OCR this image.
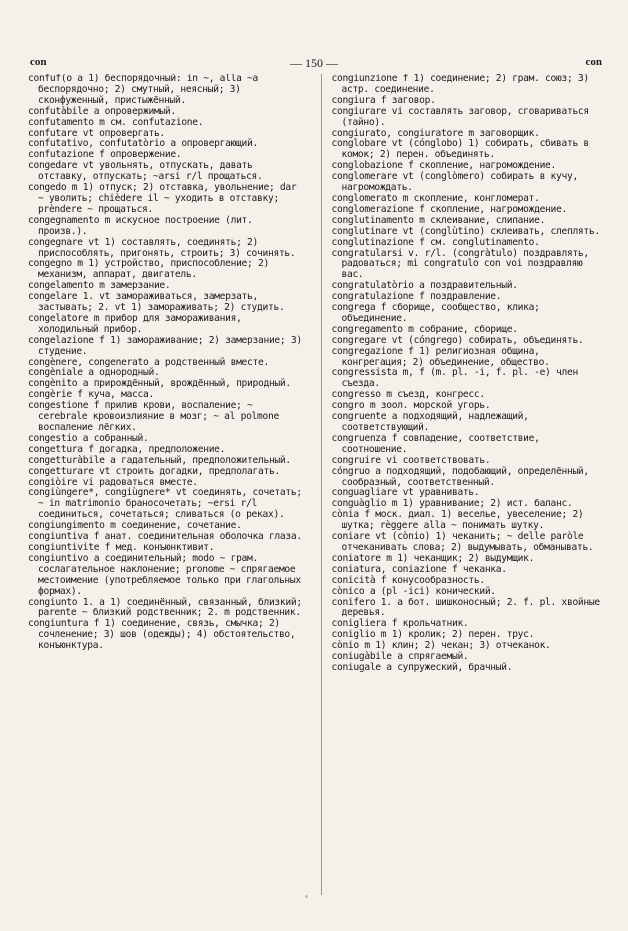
con	— 150 —	con
confuf(o a 1) беспорядочный: in ~, alla ~a беспорядочно; 2) смутный, неясный; 3) сконфуженный, пристыжённый.
confutàbile a опровержимый.
confutamento m см. confutazione.
confutare vt опровергать.
confutativo, confutatòrio a опровергающий.
confutazione f опровержение.
congedare vt увольнять, отпускать, давать отставку, отпускать; ~arsi r/l прощаться.
congedo m 1) отпуск; 2) отставка, увольнение; dar ~ уволить; chièdere il ~ уходить в отставку; prèndere ~ прощаться.
congegnamento m искусное построение (лит. произв.).
congegnare vt 1) составлять, соединять; 2) приспособлять, пригонять, строить; 3) сочинять.
congegno m 1) устройство, приспособление; 2) механизм, аппарат, двигатель.
congelamento m замерзание.
congelare 1. vt замораживаться, замерзать, застывать; 2. vt 1) замораживать; 2) студить.
congelatore m прибор для замораживания, холодильный прибор.
congelazione f 1) замораживание; 2) замерзание; 3) студение.
congènere, congenerato a родственный вместе.
congèniale a однородный.
congènito a прирождённый, врождённый, природный.
congèrie f куча, масса.
congestione f прилив крови, воспаление; ~ cerebrale кровоизлияние в мозг; ~ al polmone воспаление лёгких.
congestio a собранный.
congettura f догадка, предположение.
congetturàbile a гадательный, предположительный.
congetturare vt строить догадки, предполагать.
congiòire vi радоваться вместе.
congiùngere*, congiùgnere* vt соединять, сочетать; ~ in matrimonio браносочетать; ~ersi r/l соединиться, сочетаться; сливаться (о реках).
congiungimento m соединение, сочетание.
congiuntiva f анат. соединительная оболочка глаза.
congiuntivite f мед. конъюнктивит.
congiuntivo a соединительный; modo ~ грам. сослагательное наклонение; pronome ~ спрягаемое местоимение (употребляемое только при глагольных формах).
congiunto 1. a 1) соединённый, связанный, близкий; parente ~ близкий родственник; 2. m родственник.
congiuntura f 1) соединение, связь, смычка; 2) сочленение; 3) шов (одежды); 4) обстоятельство, конъюнктура.
congiunzione f 1) соединение; 2) грам. союз; 3) астр. соединение.
congiura f заговор.
congiurare vi составлять заговор, сговариваться (тайно).
congiurato, congiuratore m заговорщик.
conglobare vt (cónglobo) 1) собирать, сбивать в комок; 2) перен. объединять.
conglobazione f скопление, нагромождение.
conglomerare vt (conglòmero) собирать в кучу, нагромождать.
conglomerato m скопление, конгломерат.
conglomerazione f скопление, нагромождение.
conglutinamento m склеивание, слипание.
conglutinare vt (conglùtino) склеивать, слеплять.
conglutinazione f см. conglutinamento.
congratularsi v. r/l. (congràtulo) поздравлять, радоваться; mi congratulo con voi поздравляю вас.
congratulatòrio a поздравительный.
congratulazione f поздравление.
congrega f сборище, сообщество, клика; объединение.
congregamento m собрание, сборище.
congregare vt (cóngrego) собирать, объединять.
congregazione f 1) религиозная община, конгрегация; 2) объединение, общество.
congressista m, f (m. pl. -i, f. pl. -e) член съезда.
congresso m съезд, конгресс.
congro m зоол. морской угорь.
congruente a подходящий, надлежащий, соответствующий.
congruenza f совпадение, соответствие, соотношение.
congruire vi соответствовать.
cóngruo a подходящий, подобающий, определённый, сообразный, соответственный.
conguagliare vt уравнивать.
conguàglio m 1) уравнивание; 2) ист. баланс.
cònia f моск. диал. 1) веселье, увеселение; 2) шутка; règgere alla ~ понимать шутку.
coniare vt (cònio) 1) чеканить; ~ delle paròle отчеканивать слова; 2) выдумывать, обманывать.
coniatore m 1) чеканщик; 2) выдумщик.
coniatura, coniazione f чеканка.
conicità f конусообразность.
cònico a (pl -ici) конический.
conifero 1. a бот. шишконосный; 2. f. pl. хвойные деревья.
conigliera f крольчатник.
coniglio m 1) кролик; 2) перен. трус.
cònio m 1) клин; 2) чекан; 3) отчеканок.
coniugàbile a спрягаемый.
coniugale a супружеский, брачный.
